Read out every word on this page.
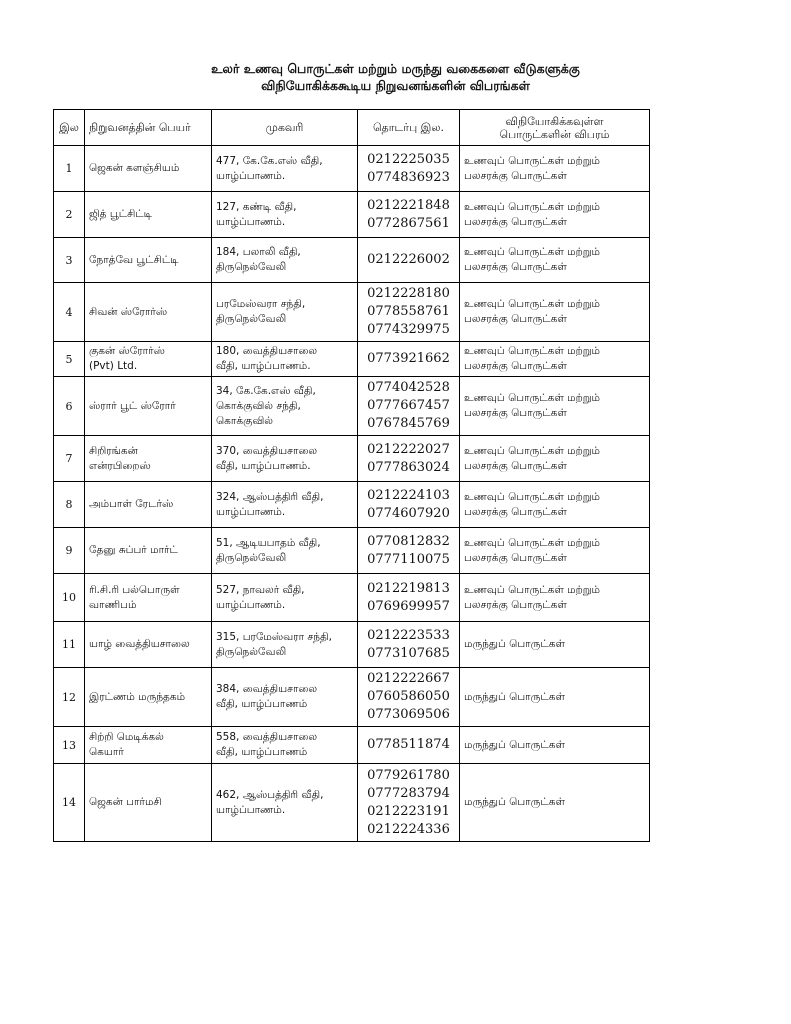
உலர் உணவு பொருட்கள் மற்றும் மருந்து வகைகளை வீடுகளுக்கு
விநியோகிக்ககூடிய நிறுவனங்களின் விபரங்கள்
இல	நிறுவனத்தின் பெயர்	முகவரி	தொடர்பு இல.	விநியோகிக்கவுள்ள
பொருட்களின் விபரம்

1	ஜெகன் களஞ்சியம்	477, கே.கே.எஸ் வீதி,
யாழ்ப்பாணம்.	0212225035
0774836923	உணவுப் பொருட்கள் மற்றும்
பலசரக்கு பொருட்கள்

2	ஜித் பூட்சிட்டி	127, கண்டி வீதி,
யாழ்ப்பாணம்.	0212221848
0772867561	உணவுப் பொருட்கள் மற்றும்
பலசரக்கு பொருட்கள்

3	நோத்வே பூட்சிட்டி	184, பலாலி வீதி,
திருநெல்வேலி	0212226002	உணவுப் பொருட்கள் மற்றும்
பலசரக்கு பொருட்கள்

4	சிவன் ஸ்ரோர்ஸ்	பரமேஸ்வரா சந்தி,
திருநெல்வேலி	0212228180
0778558761
0774329975	உணவுப் பொருட்கள் மற்றும்
பலசரக்கு பொருட்கள்

5	குகன் ஸ்ரோர்ஸ்
(Pvt) Ltd.	180, வைத்தியசாலை
வீதி, யாழ்ப்பாணம்.	0773921662	உணவுப் பொருட்கள் மற்றும்
பலசரக்கு பொருட்கள்

6	ஸ்ரார் பூட் ஸ்ரோர்	34, கே.கே.எஸ் வீதி,
கொக்குவில் சந்தி,
கொக்குவில்	0774042528
0777667457
0767845769	உணவுப் பொருட்கள் மற்றும்
பலசரக்கு பொருட்கள்

7	சிறிரங்கன்
என்ரபிறைஸ்	370, வைத்தியசாலை
வீதி, யாழ்ப்பாணம்.	0212222027
0777863024	உணவுப் பொருட்கள் மற்றும்
பலசரக்கு பொருட்கள்

8	அம்பாள் ரேடர்ஸ்	324, ஆஸ்பத்திரி வீதி,
யாழ்ப்பாணம்.	0212224103
0774607920	உணவுப் பொருட்கள் மற்றும்
பலசரக்கு பொருட்கள்

9	தேனு சுப்பர் மார்ட்	51, ஆடியபாதம் வீதி,
திருநெல்வேலி	0770812832
0777110075	உணவுப் பொருட்கள் மற்றும்
பலசரக்கு பொருட்கள்

10	ரி.சி.ரி பல்பொருள்
வாணிபம்	527, நாவலர் வீதி,
யாழ்ப்பாணம்.	0212219813
0769699957	உணவுப் பொருட்கள் மற்றும்
பலசரக்கு பொருட்கள்

11	யாழ் வைத்தியசாலை	315, பரமேஸ்வரா சந்தி,
திருநெல்வேலி	0212223533
0773107685	மருந்துப் பொருட்கள்

12	இரட்ணம் மருந்தகம்	384, வைத்தியசாலை
வீதி, யாழ்ப்பாணம்	0212222667
0760586050
0773069506	மருந்துப் பொருட்கள்

13	சிற்றி மெடிக்கல்
கெயார்	558, வைத்தியசாலை
வீதி, யாழ்ப்பாணம்	0778511874	மருந்துப் பொருட்கள்

14	ஜெகன் பார்மசி	462, ஆஸ்பத்திரி வீதி,
யாழ்ப்பாணம்.	0779261780
0777283794
0212223191
0212224336	மருந்துப் பொருட்கள்
